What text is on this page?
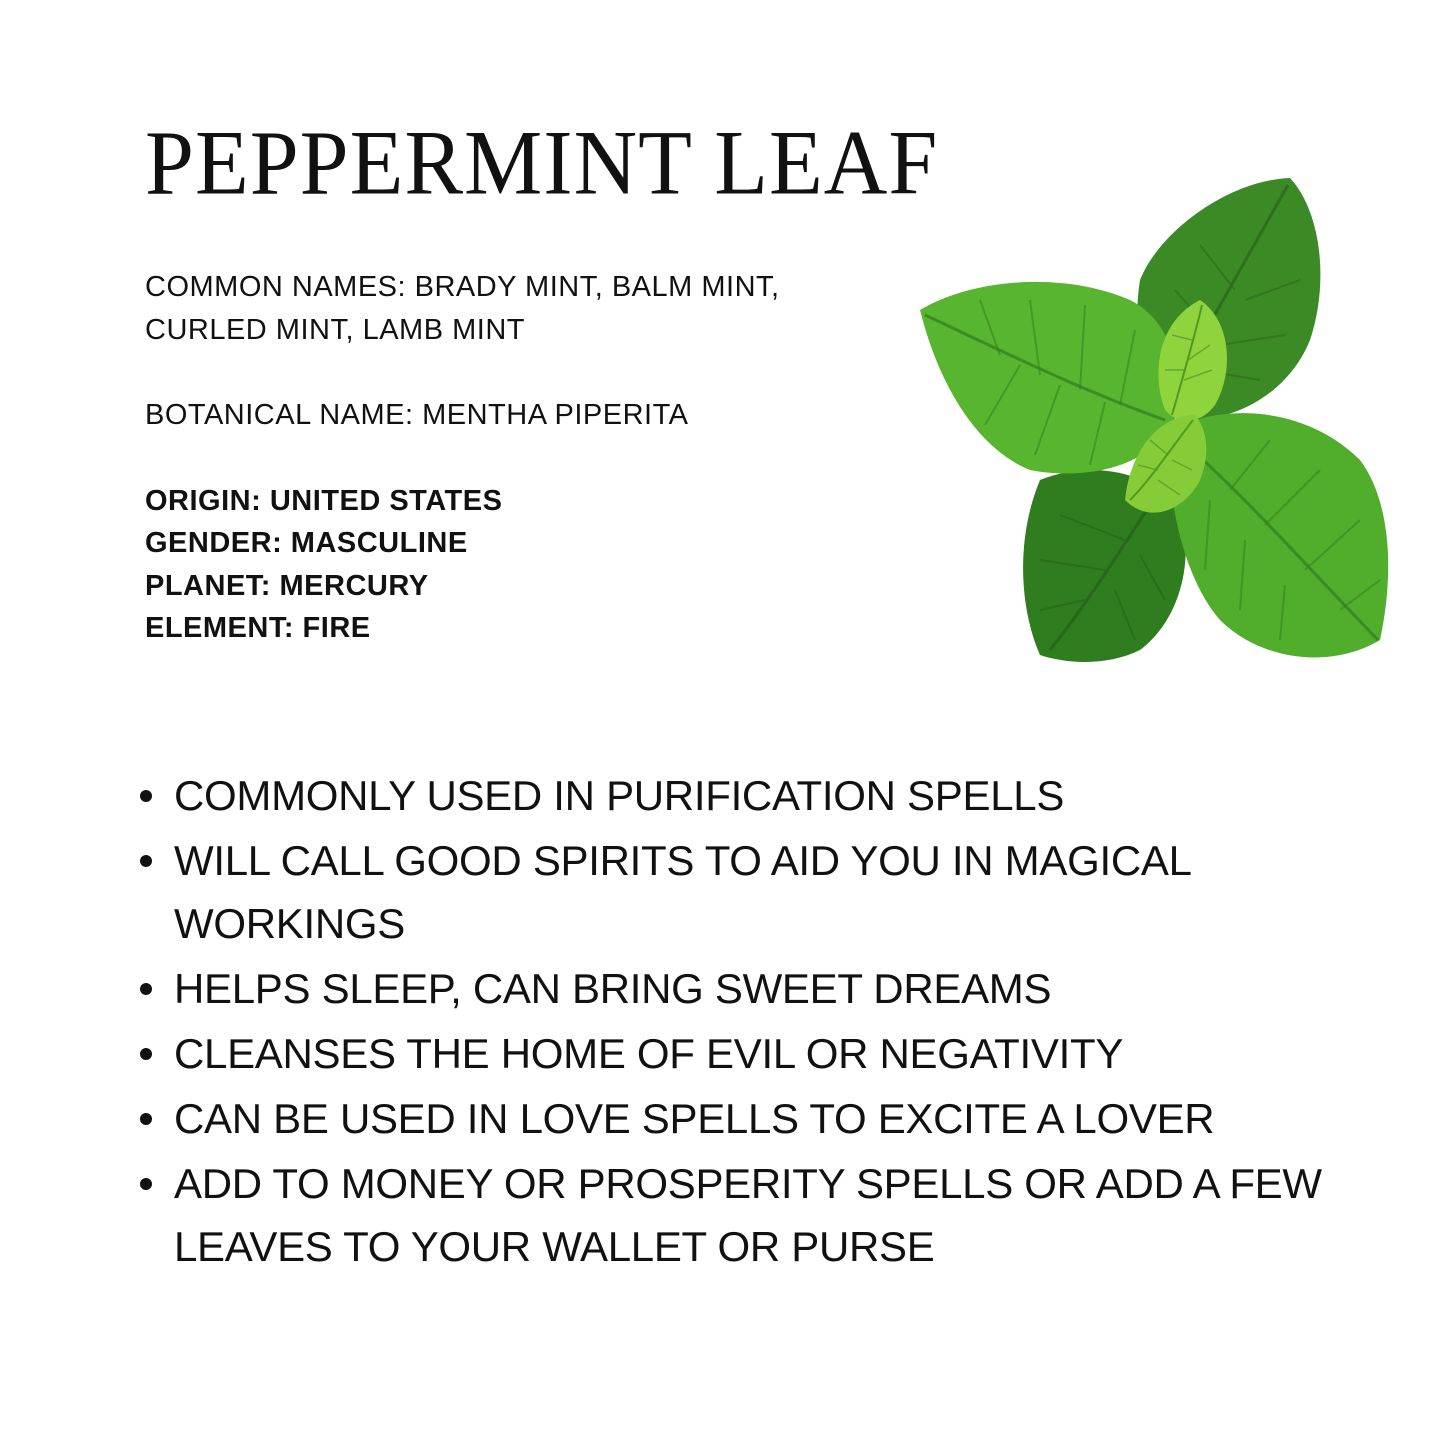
PEPPERMINT LEAF

COMMON NAMES: BRADY MINT, BALM MINT,

CURLED MINT, LAMB MINT

BOTANICAL NAME: MENTHA PIPERITA

ORIGIN: UNITED STATES

GENDER: MASCULINE

PLANET: MERCURY

ELEMENT: FIRE

COMMONLY USED IN PURIFICATION SPELLS
WILL CALL GOOD SPIRITS TO AID YOU IN MAGICAL WORKINGS
HELPS SLEEP, CAN BRING SWEET DREAMS
CLEANSES THE HOME OF EVIL OR NEGATIVITY
CAN BE USED IN LOVE SPELLS TO EXCITE A LOVER
ADD TO MONEY OR PROSPERITY SPELLS OR ADD A FEW LEAVES TO YOUR WALLET OR PURSE
